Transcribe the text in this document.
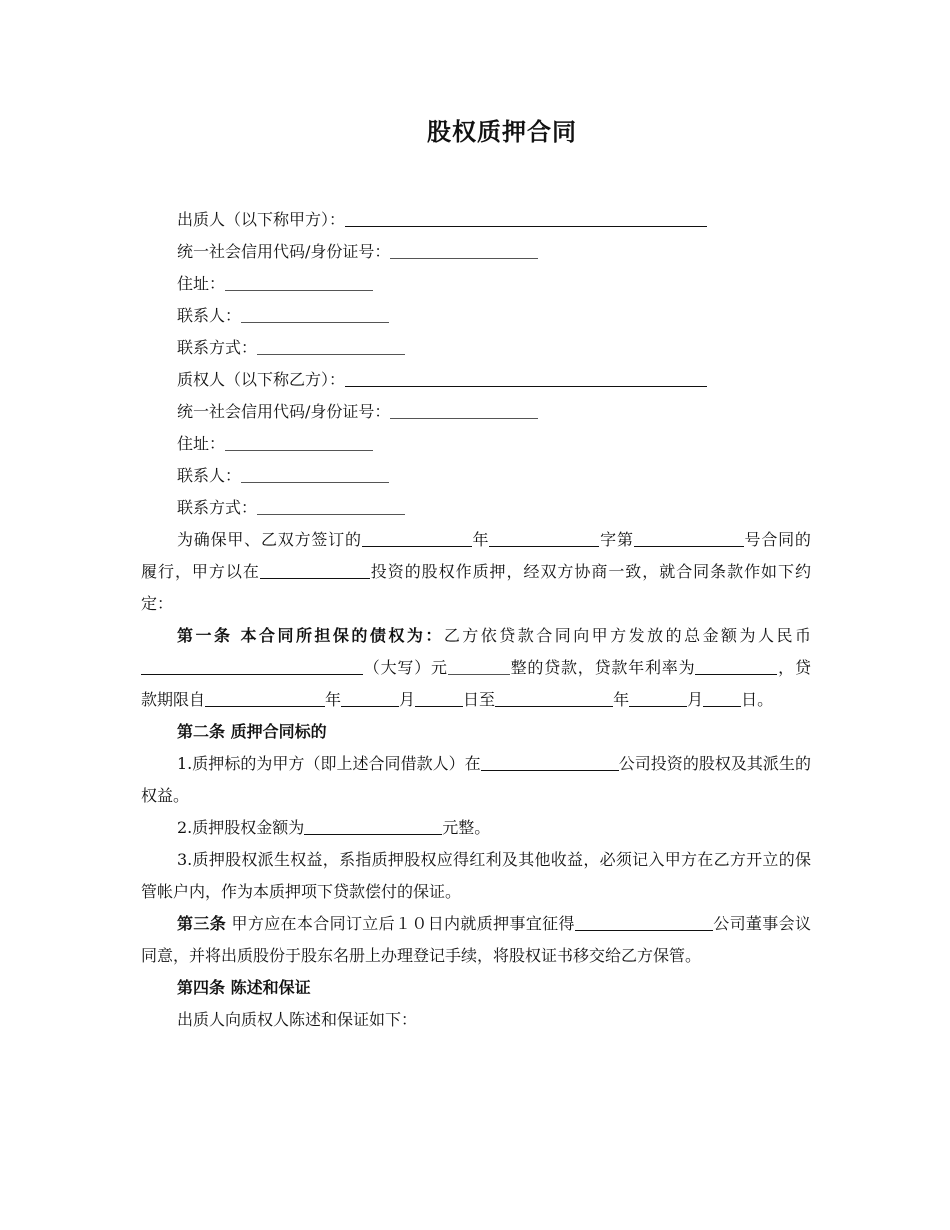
股权质押合同
出质人（以下称甲方）：
统一社会信用代码/身份证号：
住址：
联系人：
联系方式：
质权人（以下称乙方）：
统一社会信用代码/身份证号：
住址：
联系人：
联系方式：
为确保甲、乙双方签订的	年	字第	号合同的履行，甲方以在	投资的股权作质押，经双方协商一致，就合同条款作如下约定：
第一条 本合同所担保的债权为：乙方依贷款合同向甲方发放的总金额为人民币（大写）元	整的贷款，贷款年利率为	，贷款期限自	年	月	日至	年	月 日。
第二条 质押合同标的
1.质押标的为甲方（即上述合同借款人）在	公司投资的股权及其派生的权益。
2.质押股权金额为	元整。
3.质押股权派生权益，系指质押股权应得红利及其他收益，必须记入甲方在乙方开立的保管帐户内，作为本质押项下贷款偿付的保证。
第三条 甲方应在本合同订立后１０日内就质押事宜征得	公司董事会议同意，并将出质股份于股东名册上办理登记手续，将股权证书移交给乙方保管。
第四条 陈述和保证
出质人向质权人陈述和保证如下：
